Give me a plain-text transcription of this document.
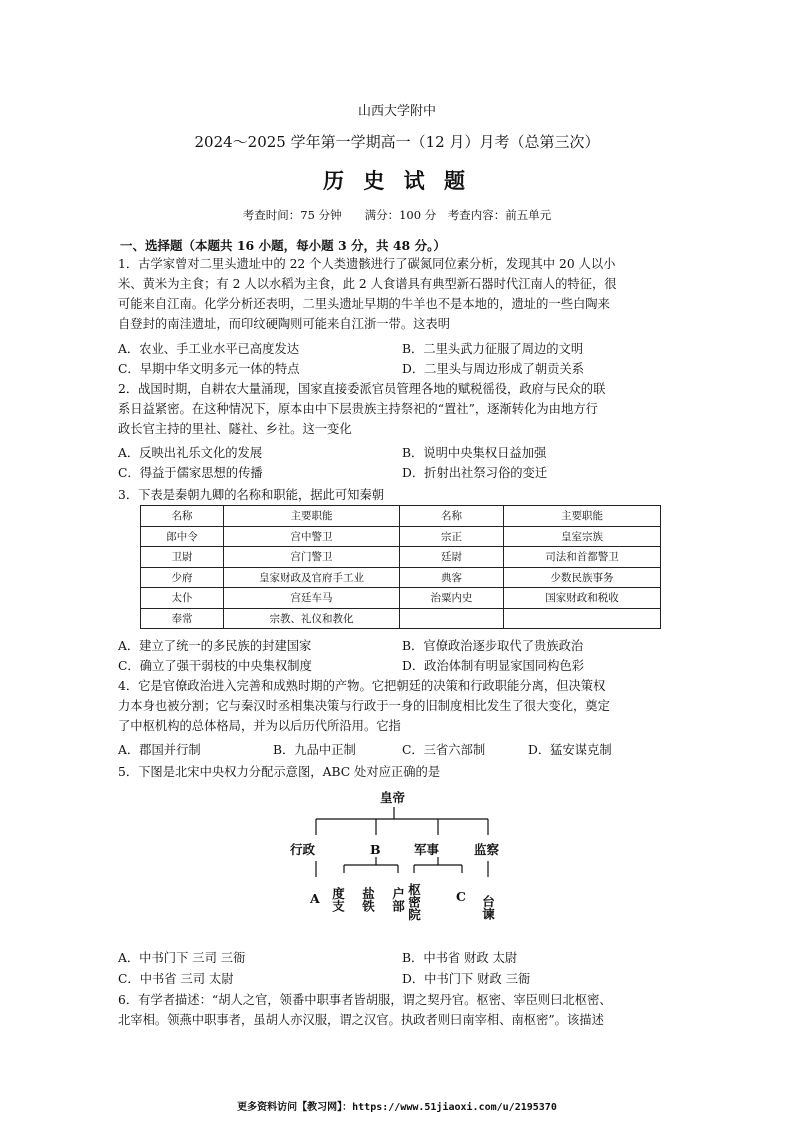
山西大学附中
2024～2025 学年第一学期高一（12 月）月考（总第三次）
历 史 试 题
考查时间：75 分钟　　满分：100 分　考查内容：前五单元
一、选择题（本题共 16 小题，每小题 3 分，共 48 分。）
1．古学家曾对二里头遗址中的 22 个人类遗骸进行了碳氮同位素分析，发现其中 20 人以小
米、黄米为主食；有 2 人以水稻为主食，此 2 人食谱具有典型新石器时代江南人的特征，很
可能来自江南。化学分析还表明，二里头遗址早期的牛羊也不是本地的，遗址的一些白陶来
自登封的南洼遗址，而印纹硬陶则可能来自江浙一带。这表明
A．农业、手工业水平已高度发达	B．二里头武力征服了周边的文明
C．早期中华文明多元一体的特点	D．二里头与周边形成了朝贡关系
2．战国时期，自耕农大量涌现，国家直接委派官员管理各地的赋税徭役，政府与民众的联
系日益紧密。在这种情况下，原本由中下层贵族主持祭祀的“置社”，逐渐转化为由地方行
政长官主持的里社、隧社、乡社。这一变化
A．反映出礼乐文化的发展	B．说明中央集权日益加强
C．得益于儒家思想的传播	D．折射出社祭习俗的变迁
3．下表是秦朝九卿的名称和职能，据此可知秦朝
名称	主要职能	名称	主要职能
郎中令	宫中警卫	宗正	皇室宗族
卫尉	宫门警卫	廷尉	司法和首都警卫
少府	皇家财政及官府手工业	典客	少数民族事务
太仆	宫廷车马	治粟内史	国家财政和税收
奉常	宗教、礼仪和教化		
A．建立了统一的多民族的封建国家	B．官僚政治逐步取代了贵族政治
C．确立了强干弱枝的中央集权制度	D．政治体制有明显家国同构色彩
4．它是官僚政治进入完善和成熟时期的产物。它把朝廷的决策和行政职能分离，但决策权
力本身也被分割；它与秦汉时丞相集决策与行政于一身的旧制度相比发生了很大变化，奠定
了中枢机构的总体格局，并为以后历代所沿用。它指
A．郡国并行制	B．九品中正制	C．三省六部制	D．猛安谋克制
5．下图是北宋中央权力分配示意图，ABC 处对应正确的是
皇帝
行政	B	军事	监察
A 度支 盐铁 户部 枢密院	C 台谏
A．中书门下 三司 三衙	B．中书省 财政 太尉
C．中书省 三司 太尉	D．中书门下 财政 三衙
6．有学者描述：“胡人之官，领番中职事者皆胡服，谓之契丹官。枢密、宰臣则曰北枢密、
北宰相。领燕中职事者，虽胡人亦汉服，谓之汉官。执政者则曰南宰相、南枢密”。该描述
更多资料访问【教习网】：https://www.51jiaoxi.com/u/2195370
